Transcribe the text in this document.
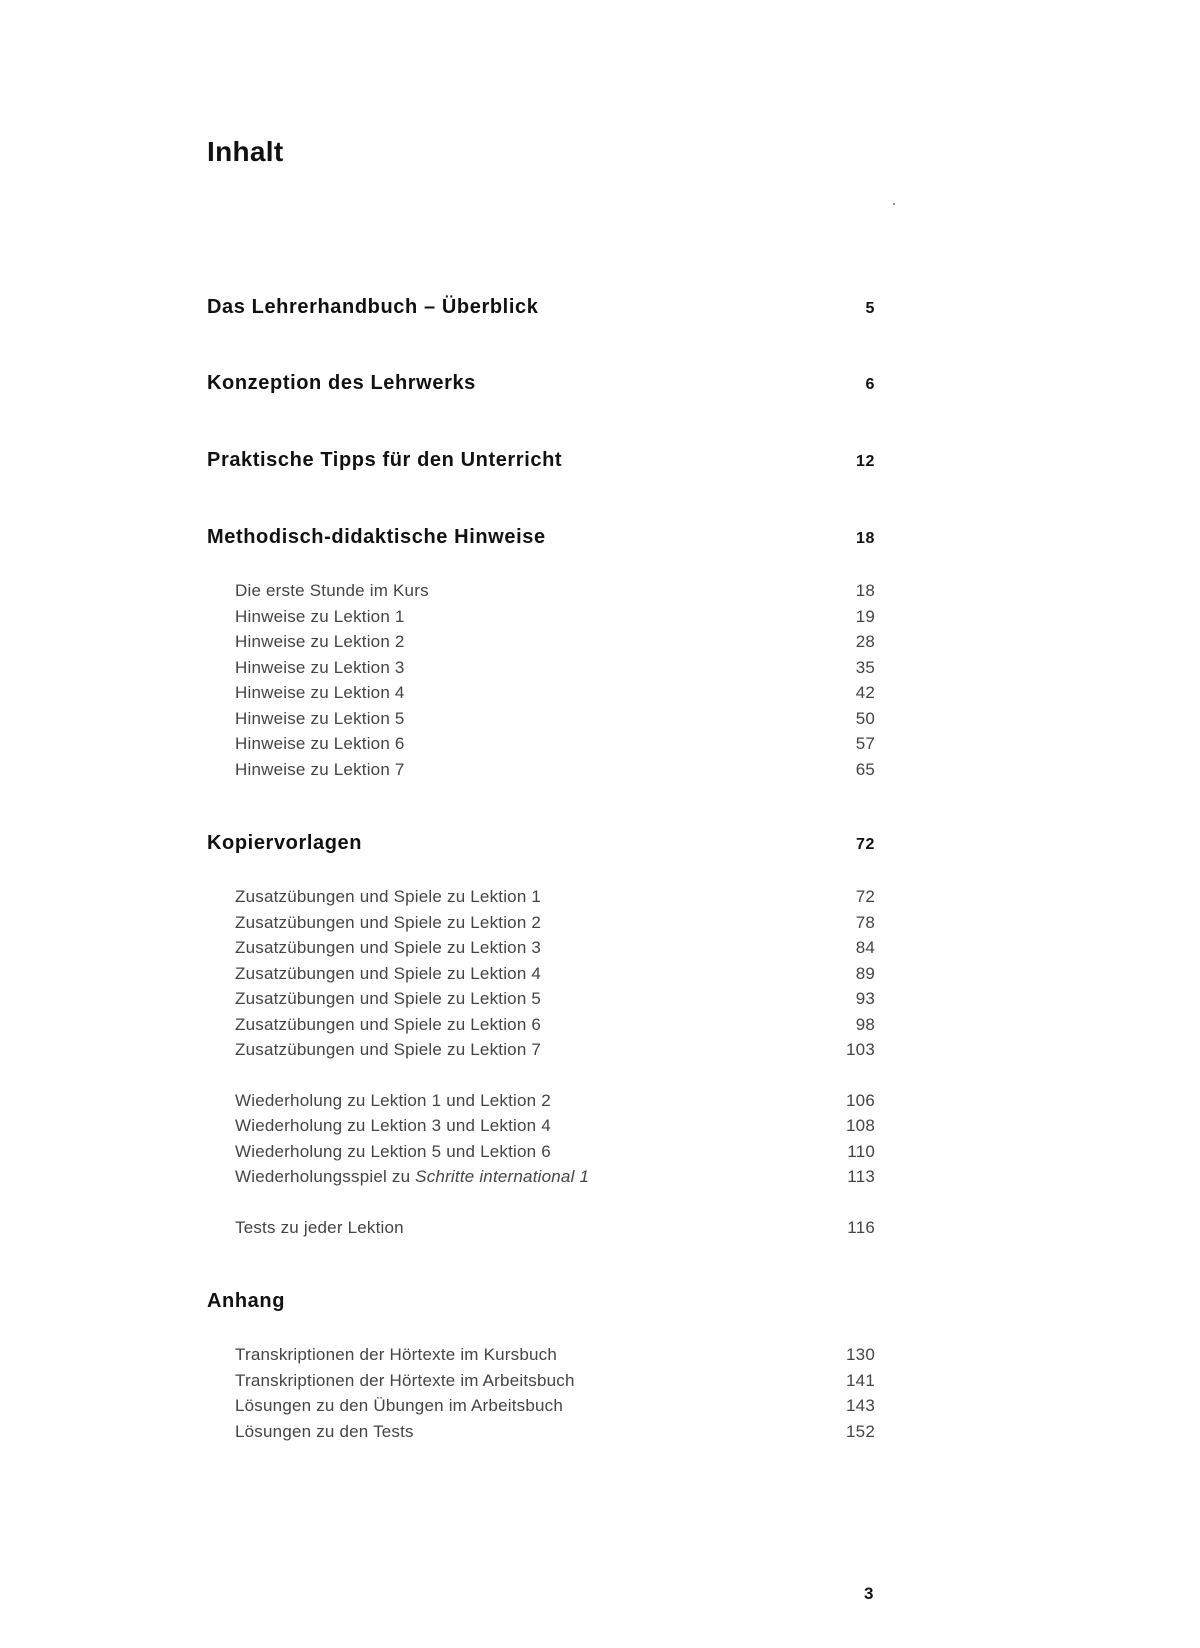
Inhalt
Das Lehrerhandbuch – Überblick	5
Konzeption des Lehrwerks	6
Praktische Tipps für den Unterricht	12
Methodisch-didaktische Hinweise	18
Die erste Stunde im Kurs	18
Hinweise zu Lektion 1	19
Hinweise zu Lektion 2	28
Hinweise zu Lektion 3	35
Hinweise zu Lektion 4	42
Hinweise zu Lektion 5	50
Hinweise zu Lektion 6	57
Hinweise zu Lektion 7	65
Kopiervorlagen	72
Zusatzübungen und Spiele zu Lektion 1	72
Zusatzübungen und Spiele zu Lektion 2	78
Zusatzübungen und Spiele zu Lektion 3	84
Zusatzübungen und Spiele zu Lektion 4	89
Zusatzübungen und Spiele zu Lektion 5	93
Zusatzübungen und Spiele zu Lektion 6	98
Zusatzübungen und Spiele zu Lektion 7	103
Wiederholung zu Lektion 1 und Lektion 2	106
Wiederholung zu Lektion 3 und Lektion 4	108
Wiederholung zu Lektion 5 und Lektion 6	110
Wiederholungsspiel zu Schritte international 1	113
Tests zu jeder Lektion	116
Anhang
Transkriptionen der Hörtexte im Kursbuch	130
Transkriptionen der Hörtexte im Arbeitsbuch	141
Lösungen zu den Übungen im Arbeitsbuch	143
Lösungen zu den Tests	152
3
